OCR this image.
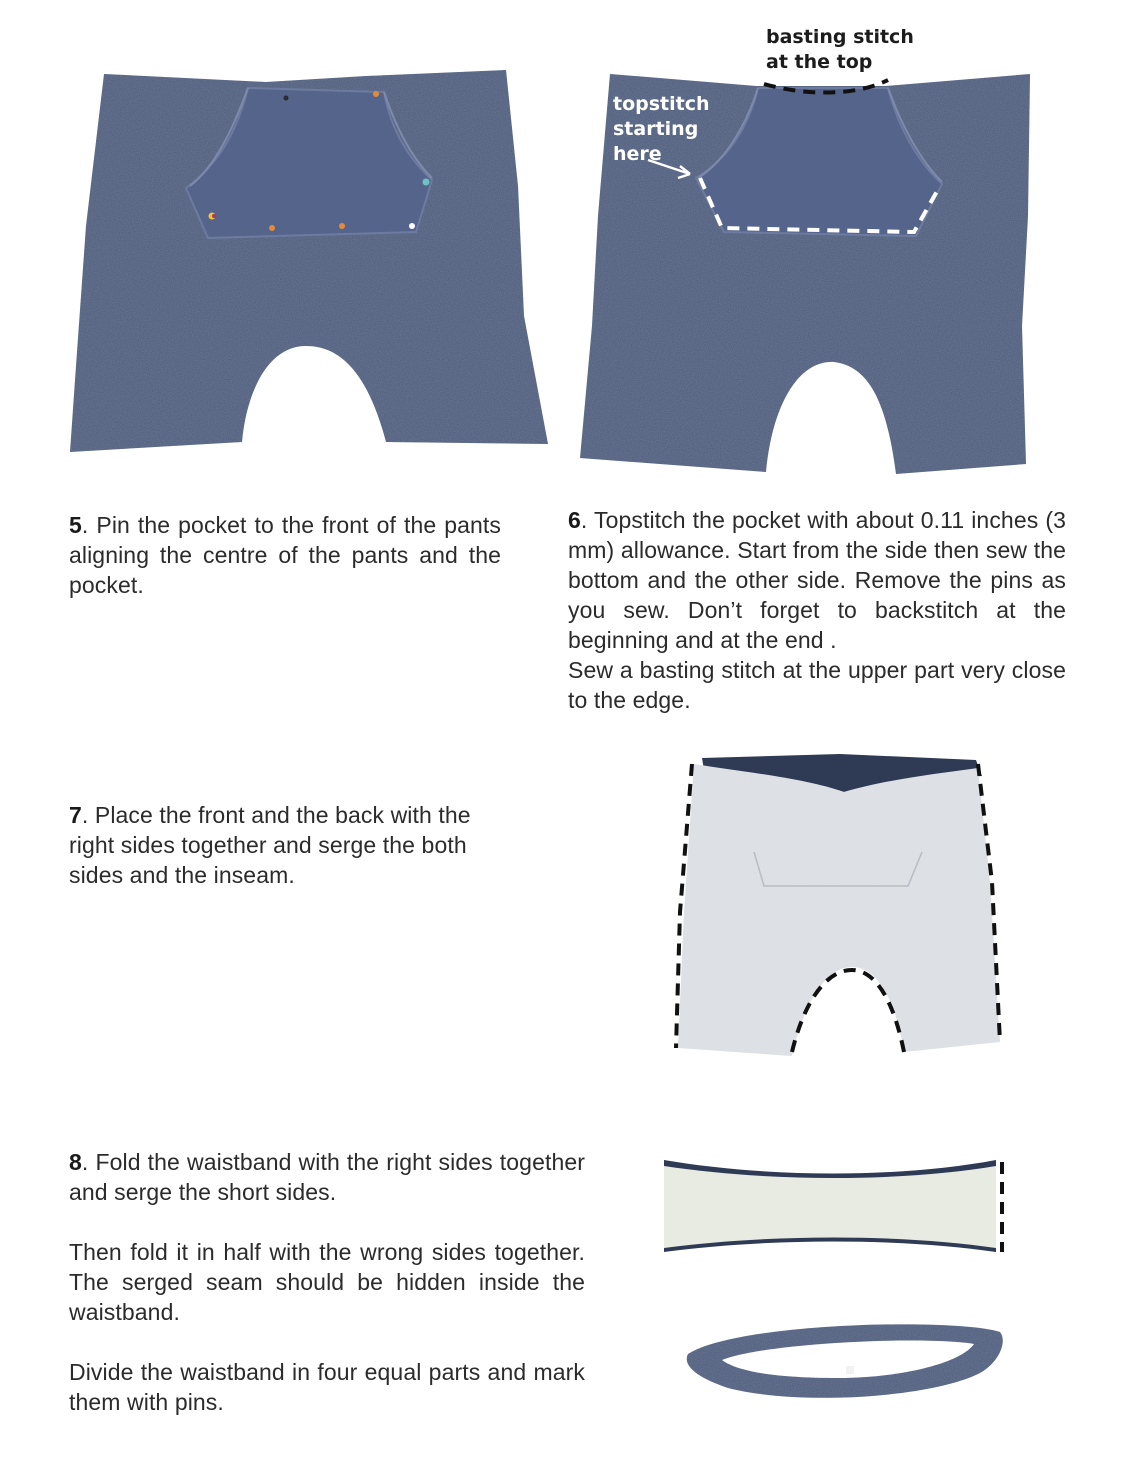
basting stitch
at the top
topstitch
starting
here

5. Pin the pocket to the front of the pants aligning the centre of the pants and the pocket.

6. Topstitch the pocket with about 0.11 inches (3 mm) allowance. Start from the side then sew the bottom and the other side. Remove the pins as you sew. Don’t forget to backstitch at the beginning and at the end .

Sew a basting stitch at the upper part very close to the edge.

7. Place the front and the back with the right sides together and serge the both sides and the inseam.

8. Fold the waistband with the right sides together and serge the short sides.

Then fold it in half with the wrong sides together. The serged seam should be hidden inside the waistband.

Divide the waistband in four equal parts and mark them with pins.
